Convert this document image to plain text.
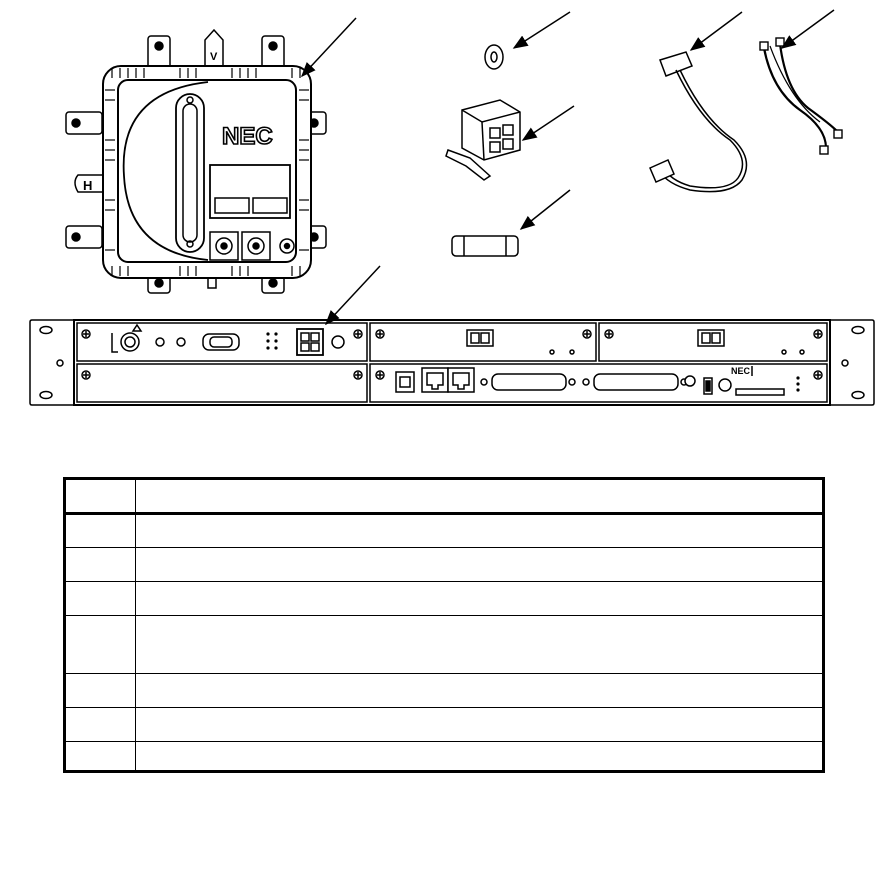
V
H
NEC
NEC
